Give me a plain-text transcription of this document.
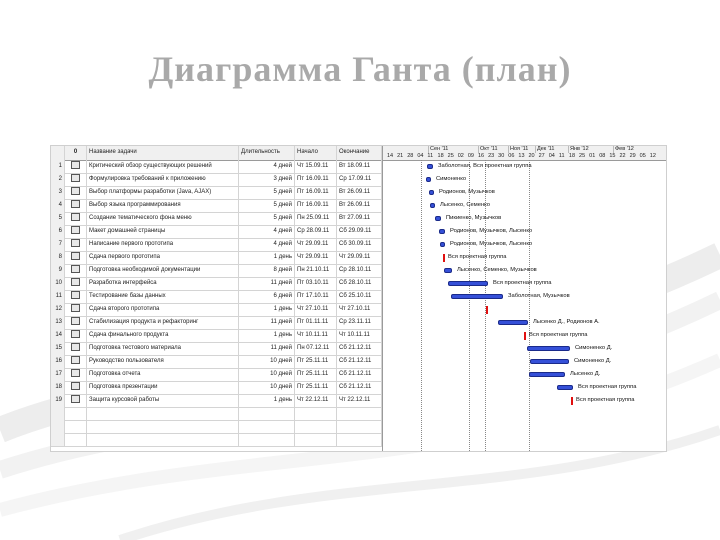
Диаграмма Ганта (план)
0	Название задачи	Длительность	Начало	Окончание
1	Критический обзор существующих решений	4 дней Чт 15.09.11	Вт 18.09.11
2	Формулировка требований к приложению	3 дней Пт 16.09.11	Ср 17.09.11
3	Выбор платформы разработки (Java, AJAX)	5 дней Пт 16.09.11	Вт 26.09.11
4	Выбор языка программирования	5 дней Пт 16.09.11	Вт 26.09.11
5	Создание тематического фона меню	5 дней Пн 25.09.11	Вт 27.09.11
6	Макет домашней страницы	4 дней Ср 28.09.11	Сб 29.09.11
7	Написание первого прототипа	4 дней Чт 29.09.11	Сб 30.09.11
8	Сдача первого прототипа	1 день Чт 29.09.11	Чт 29.09.11
9	Подготовка необходимой документации	8 дней Пн 21.10.11	Ср 28.10.11
10	Разработка интерфейса	11 дней Пт 03.10.11	Сб 28.10.11
11	Тестирование базы данных	6 дней Пт 17.10.11	Сб 25.10.11
12	Сдача второго прототипа	1 день Чт 27.10.11	Чт 27.10.11
13	Стабилизация продукта и рефакторинг	11 дней Пт 01.11.11	Ср 23.11.11
14	Сдача финального продукта	1 день Чт 10.11.11	Чт 10.11.11
15	Подготовка тестового материала	11 дней Пн 07.12.11	Сб 21.12.11
16	Руководство пользователя	10 дней Пт 25.11.11	Сб 21.12.11
17	Подготовка отчета	10 дней Пт 25.11.11	Сб 21.12.11
18	Подготовка презентации	10 дней Пт 25.11.11	Сб 21.12.11
19	Защита курсовой работы	1 день Чт 22.12.11	Чт 22.12.11
Сен '11	Окт '11 Ноя '11 Дек '11	Янв '12	Фев '12
14 21 28 04 11 18 25 02 09 16 23 30 06 13 20 27 04 11 18 25 01 08 15 22 29 05 12
Заболотная, Вся проектная группа
Симоненко
Родионов, Музычков
Лысенко, Семенко
Пикиенко, Музычков
Родионов, Музычков, Лысенко
Родионов, Музычков, Лысенко
Вся проектная группа
Лысенко, Семенко, Музычков
Вся проектная группа
Заболотная, Музычков
Лысенко Д., Родионов А.
Вся проектная группа
Симоненко Д.
Симоненко Д.
Лысенко Д.
Вся проектная группа
Вся проектная группа
